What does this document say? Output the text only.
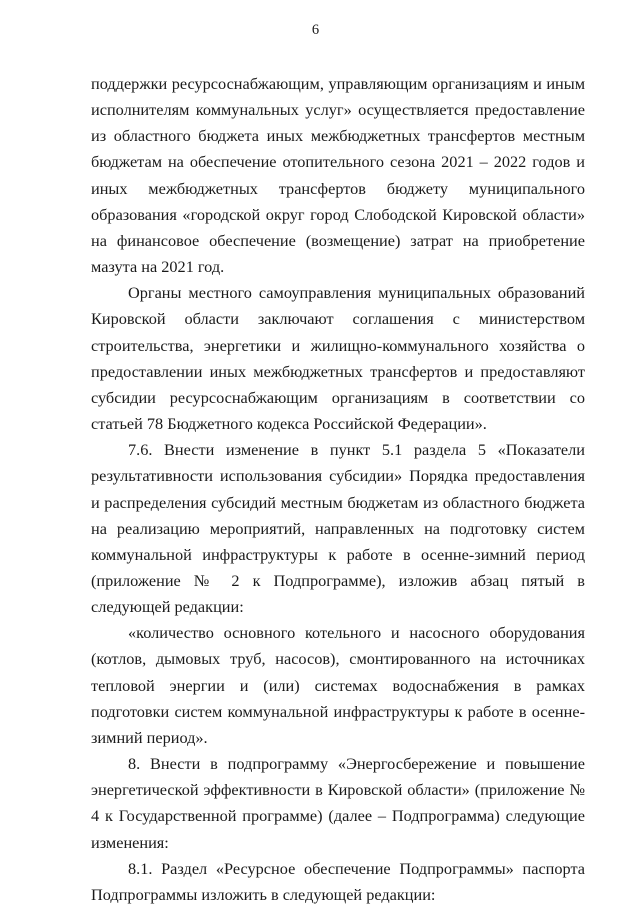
6

поддержки ресурсоснабжающим, управляющим организациям и иным исполнителям коммунальных услуг» осуществляется предоставление из областного бюджета иных межбюджетных трансфертов местным бюджетам на обеспечение отопительного сезона 2021 – 2022 годов и иных межбюджетных трансфертов бюджету муниципального образования «городской округ город Слободской Кировской области» на финансовое обеспечение (возмещение) затрат на приобретение мазута на 2021 год.

Органы местного самоуправления муниципальных образований Кировской области заключают соглашения с министерством строительства, энергетики и жилищно-коммунального хозяйства о предоставлении иных межбюджетных трансфертов и предоставляют субсидии ресурсоснабжающим организациям в соответствии со статьей 78 Бюджетного кодекса Российской Федерации».

7.6. Внести изменение в пункт 5.1 раздела 5 «Показатели результативности использования субсидии» Порядка предоставления и распределения субсидий местным бюджетам из областного бюджета на реализацию мероприятий, направленных на подготовку систем коммунальной инфраструктуры к работе в осенне-зимний период (приложение № 2 к Подпрограмме), изложив абзац пятый в следующей редакции:

«количество основного котельного и насосного оборудования (котлов, дымовых труб, насосов), смонтированного на источниках тепловой энергии и (или) системах водоснабжения в рамках подготовки систем коммунальной инфраструктуры к работе в осенне-зимний период».

8. Внести в подпрограмму «Энергосбережение и повышение энергетической эффективности в Кировской области» (приложение № 4 к Государственной программе) (далее – Подпрограмма) следующие изменения:

8.1. Раздел «Ресурсное обеспечение Подпрограммы» паспорта Подпрограммы изложить в следующей редакции:
